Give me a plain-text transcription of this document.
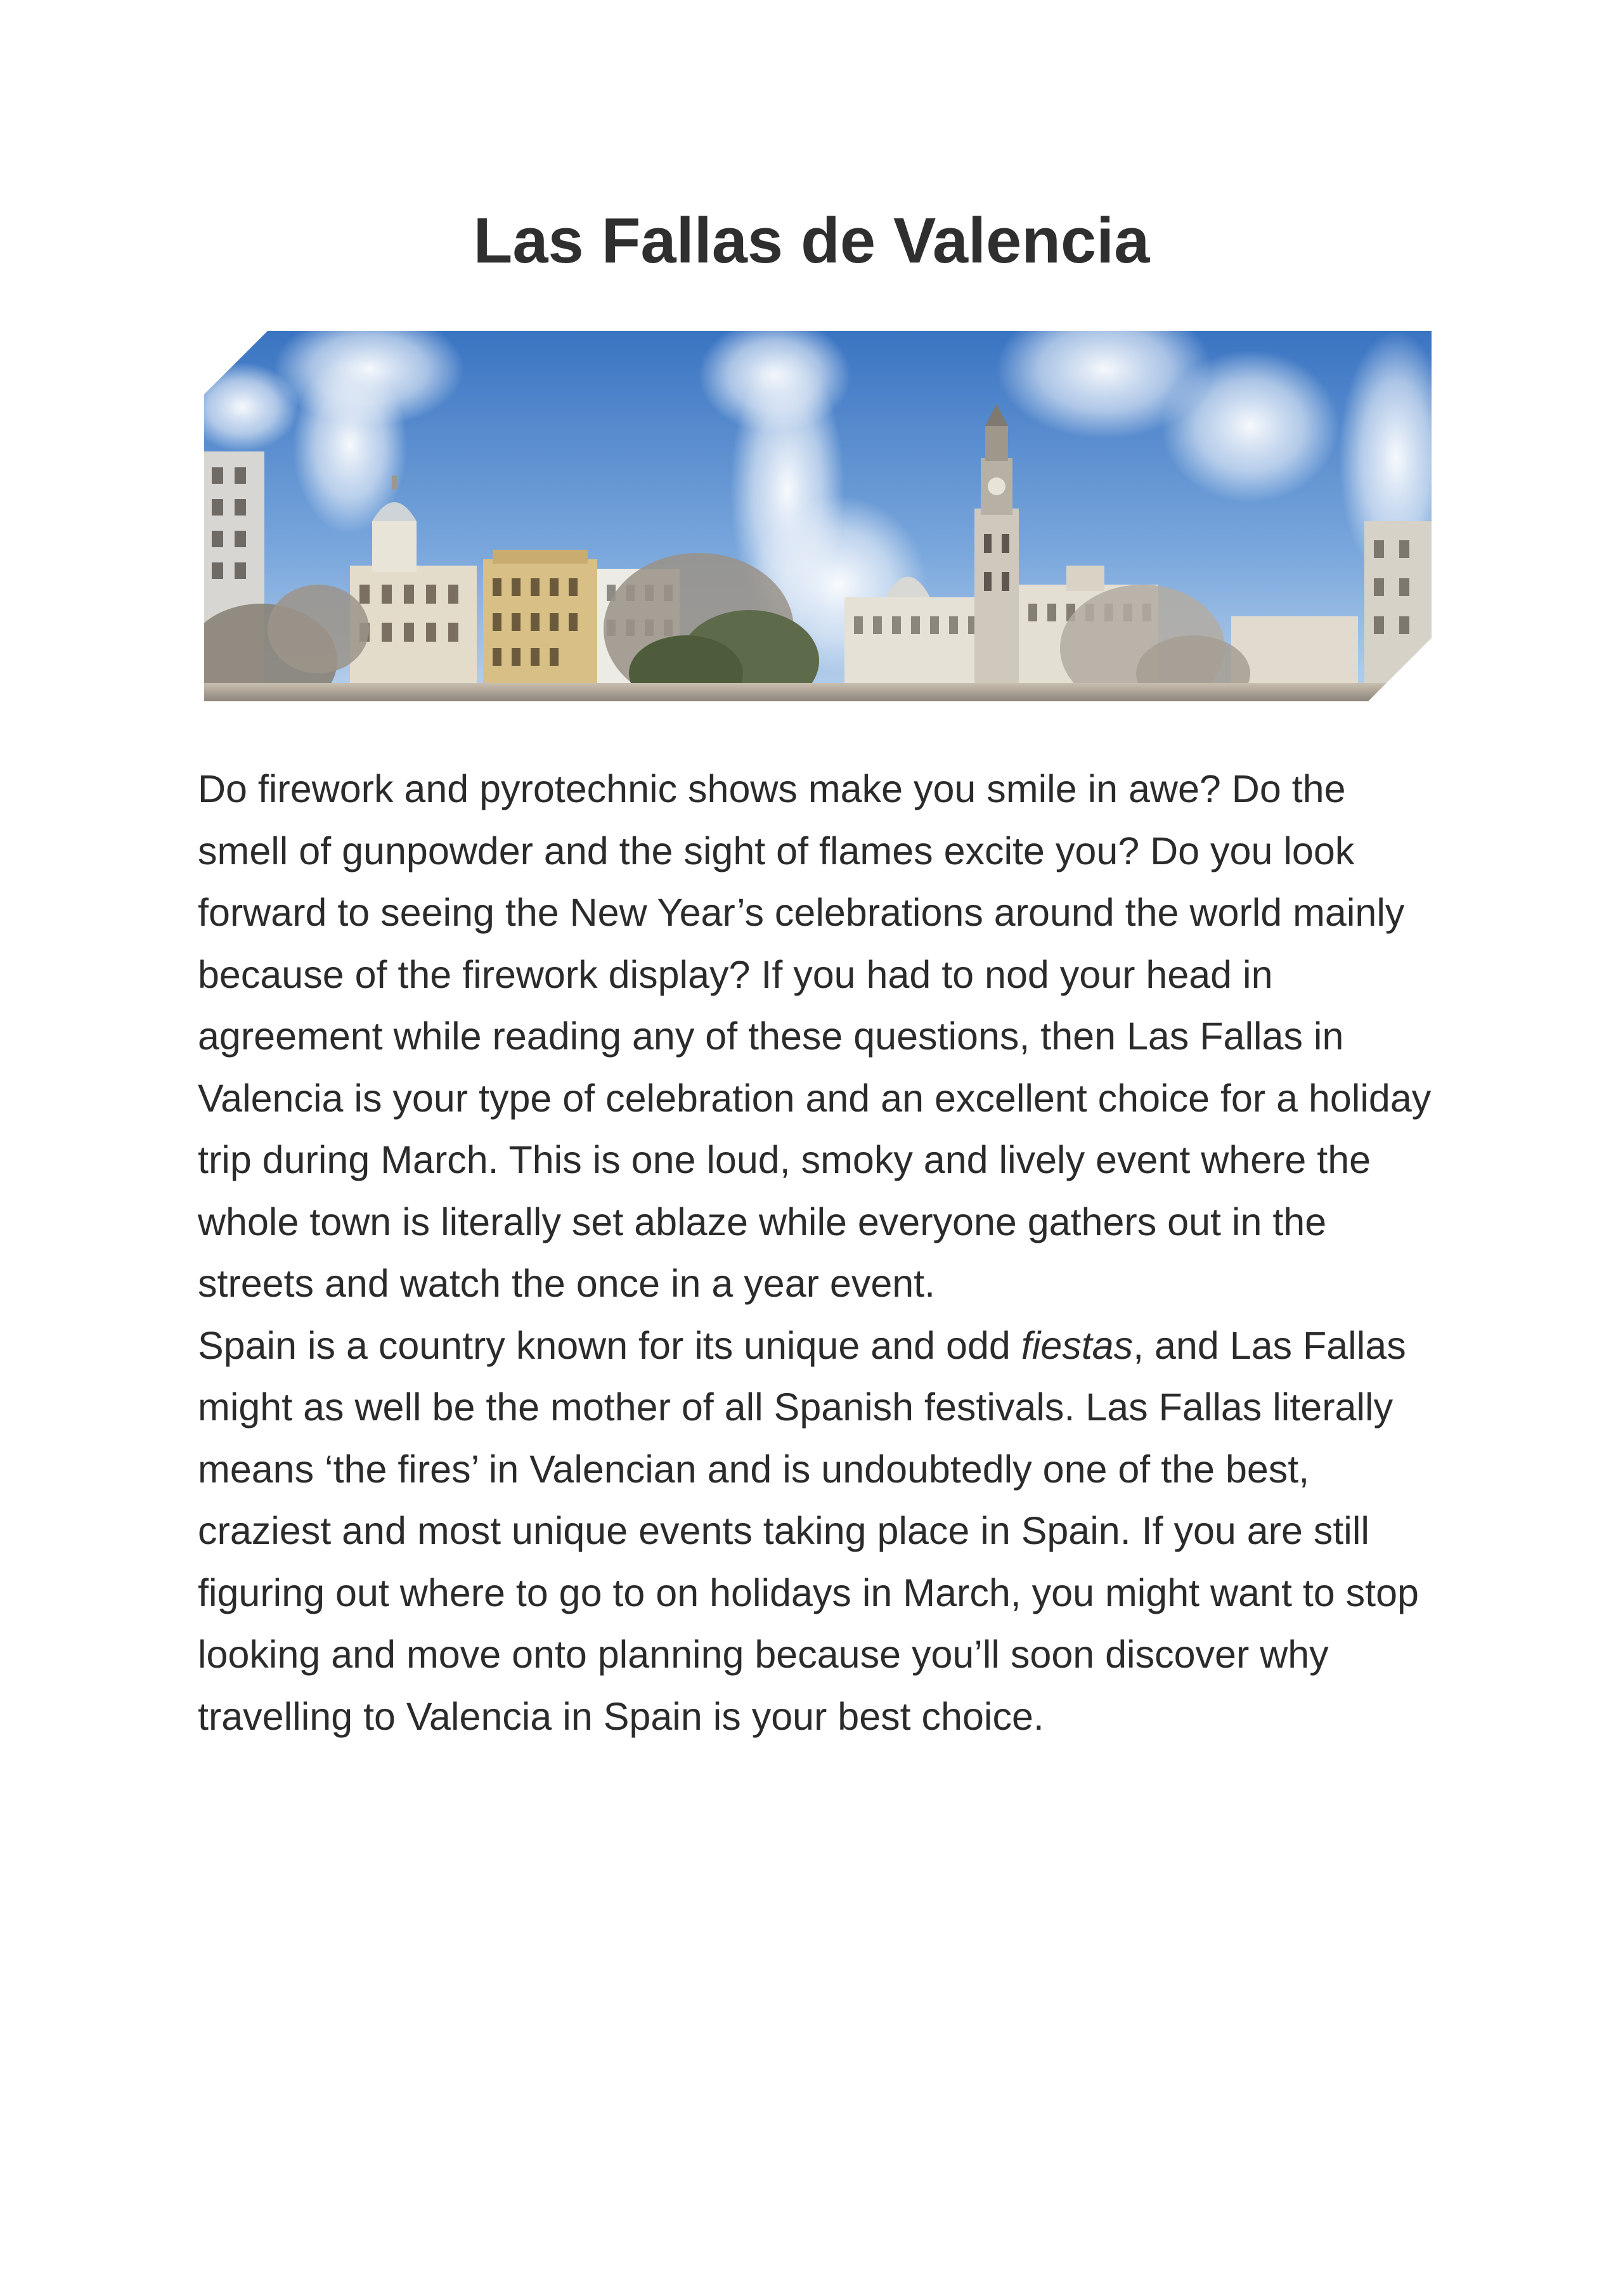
Las Fallas de Valencia

Do firework and pyrotechnic shows make you smile in awe? Do the smell of gunpowder and the sight of flames excite you? Do you look forward to seeing the New Year’s celebrations around the world mainly because of the firework display? If you had to nod your head in agreement while reading any of these questions, then Las Fallas in Valencia is your type of celebration and an excellent choice for a holiday trip during March. This is one loud, smoky and lively event where the whole town is literally set ablaze while everyone gathers out in the streets and watch the once in a year event.

Spain is a country known for its unique and odd fiestas, and Las Fallas might as well be the mother of all Spanish festivals. Las Fallas literally means ‘the fires’ in Valencian and is undoubtedly one of the best, craziest and most unique events taking place in Spain. If you are still figuring out where to go to on holidays in March, you might want to stop looking and move onto planning because you’ll soon discover why travelling to Valencia in Spain is your best choice.
